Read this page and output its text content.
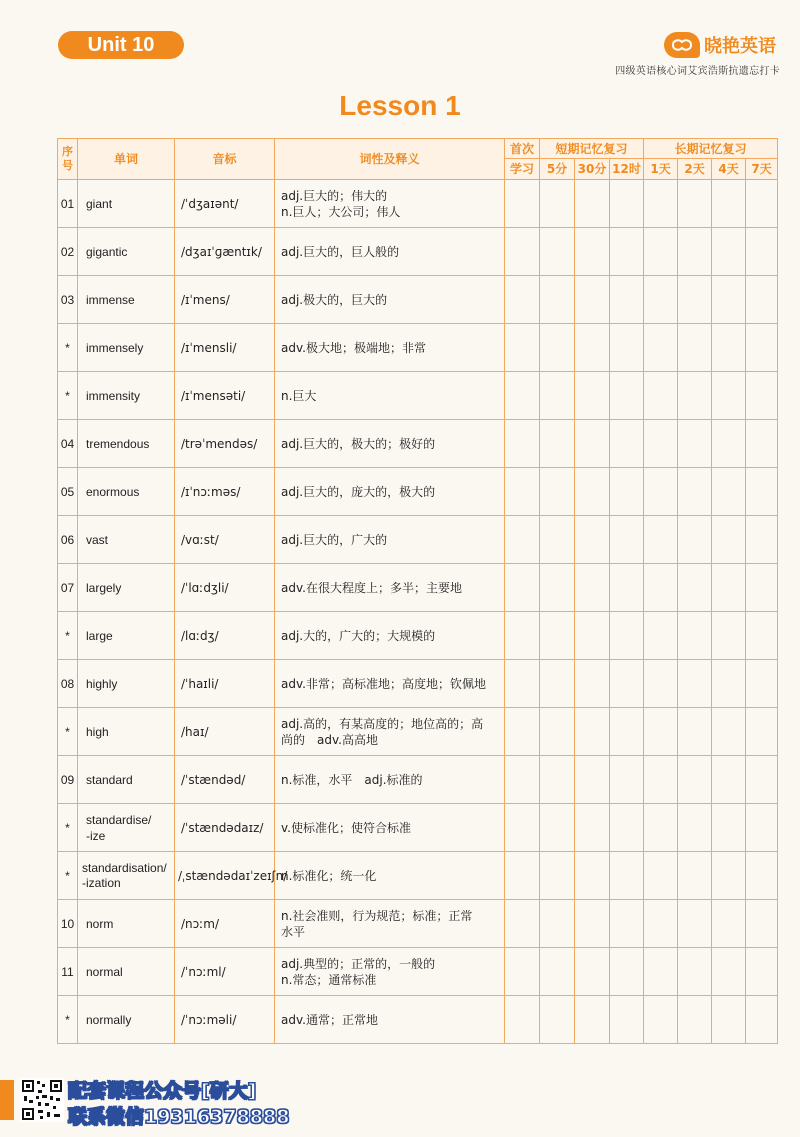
Unit 10	晓艳英语
四级英语核心词艾宾浩斯抗遗忘打卡
Lesson 1
序号	单词	音标	词性及释义	首次	短期记忆复习			长期记忆复习			
				学习	5分	30分	12时	1天	2天	4天	7天
01	giant	/ˈdʒaɪənt/	adj.巨大的；伟大的
n.巨人；大公司；伟人								

02	gigantic	/dʒaɪˈɡæntɪk/	adj.巨大的，巨人般的								

03	immense	/ɪˈmens/	adj.极大的，巨大的								

*	immensely	/ɪˈmensli/	adv.极大地；极端地；非常								

*	immensity	/ɪˈmensəti/	n.巨大								

04	tremendous	/trəˈmendəs/	adj.巨大的，极大的；极好的								

05	enormous	/ɪˈnɔːməs/	adj.巨大的，庞大的，极大的								

06	vast	/vɑːst/	adj.巨大的，广大的								

07	largely	/ˈlɑːdʒli/	adv.在很大程度上；多半；主要地								

*	large	/lɑːdʒ/	adj.大的，广大的；大规模的								

08	highly	/ˈhaɪli/	adv.非常；高标准地；高度地；钦佩地								

*	high	/haɪ/	adj.高的，有某高度的；地位高的；高
尚的　adv.高高地								

09	standard	/ˈstændəd/	n.标准，水平　adj.标准的								

*	standardise/
-ize	/ˈstændədaɪz/	v.使标准化；使符合标准								

*	standardisation/
-ization	/ˌstændədaɪˈzeɪʃn/	n.标准化；统一化								

10	norm	/nɔːm/	n.社会准则，行为规范；标准；正常
水平								

11	normal	/ˈnɔːml/	adj.典型的；正常的，一般的
n.常态；通常标准								

*	normally	/ˈnɔːməli/	adv.通常；正常地								

配套课程公众号[研大]
联系微信19316378888
